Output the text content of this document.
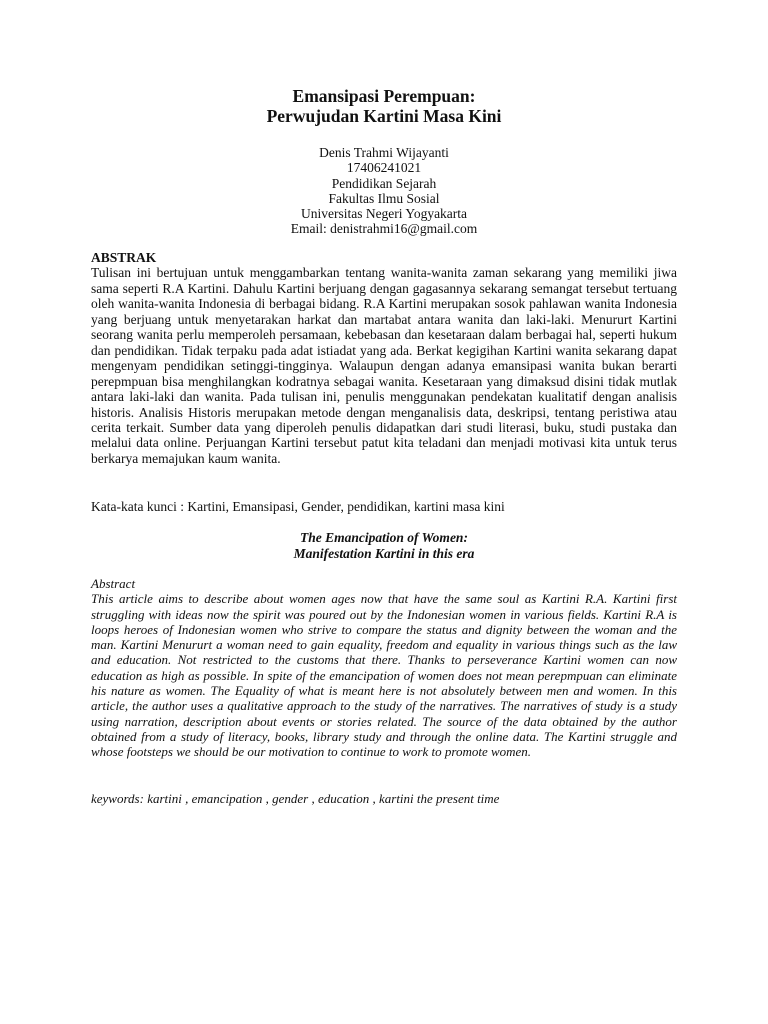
Emansipasi Perempuan:
Perwujudan Kartini Masa Kini
Denis Trahmi Wijayanti
17406241021
Pendidikan Sejarah
Fakultas Ilmu Sosial
Universitas Negeri Yogyakarta
Email: denistrahmi16@gmail.com

ABSTRAK

Tulisan ini bertujuan untuk menggambarkan tentang wanita-wanita zaman sekarang yang memiliki jiwa sama seperti R.A Kartini. Dahulu Kartini berjuang dengan gagasannya sekarang semangat tersebut tertuang oleh wanita-wanita Indonesia di berbagai bidang. R.A Kartini merupakan sosok pahlawan wanita Indonesia yang berjuang untuk menyetarakan harkat dan martabat antara wanita dan laki-laki. Menururt Kartini seorang wanita perlu memperoleh persamaan, kebebasan dan kesetaraan dalam berbagai hal, seperti hukum dan pendidikan. Tidak terpaku pada adat istiadat yang ada. Berkat kegigihan Kartini wanita sekarang dapat mengenyam pendidikan setinggi-tingginya. Walaupun dengan adanya emansipasi wanita bukan berarti perepmpuan bisa menghilangkan kodratnya sebagai wanita. Kesetaraan yang dimaksud disini tidak mutlak antara laki-laki dan wanita. Pada tulisan ini, penulis menggunakan pendekatan kualitatif dengan analisis historis. Analisis Historis merupakan metode dengan menganalisis data, deskripsi, tentang peristiwa atau cerita terkait. Sumber data yang diperoleh penulis didapatkan dari studi literasi, buku, studi pustaka dan melalui data online. Perjuangan Kartini tersebut patut kita teladani dan menjadi motivasi kita untuk terus berkarya memajukan kaum wanita.

Kata-kata kunci : Kartini, Emansipasi, Gender, pendidikan, kartini masa kini
The Emancipation of Women:
Manifestation Kartini in this era

Abstract

This article aims to describe about women ages now that have the same soul as Kartini R.A. Kartini first struggling with ideas now the spirit was poured out by the Indonesian women in various fields. Kartini R.A is loops heroes of Indonesian women who strive to compare the status and dignity between the woman and the man. Kartini Menururt a woman need to gain equality, freedom and equality in various things such as the law and education. Not restricted to the customs that there. Thanks to perseverance Kartini women can now education as high as possible. In spite of the emancipation of women does not mean perepmpuan can eliminate his nature as women. The Equality of what is meant here is not absolutely between men and women. In this article, the author uses a qualitative approach to the study of the narratives. The narratives of study is a study using narration, description about events or stories related. The source of the data obtained by the author obtained from a study of literacy, books, library study and through the online data. The Kartini struggle and whose footsteps we should be our motivation to continue to work to promote women.

keywords: kartini , emancipation , gender , education , kartini the present time
